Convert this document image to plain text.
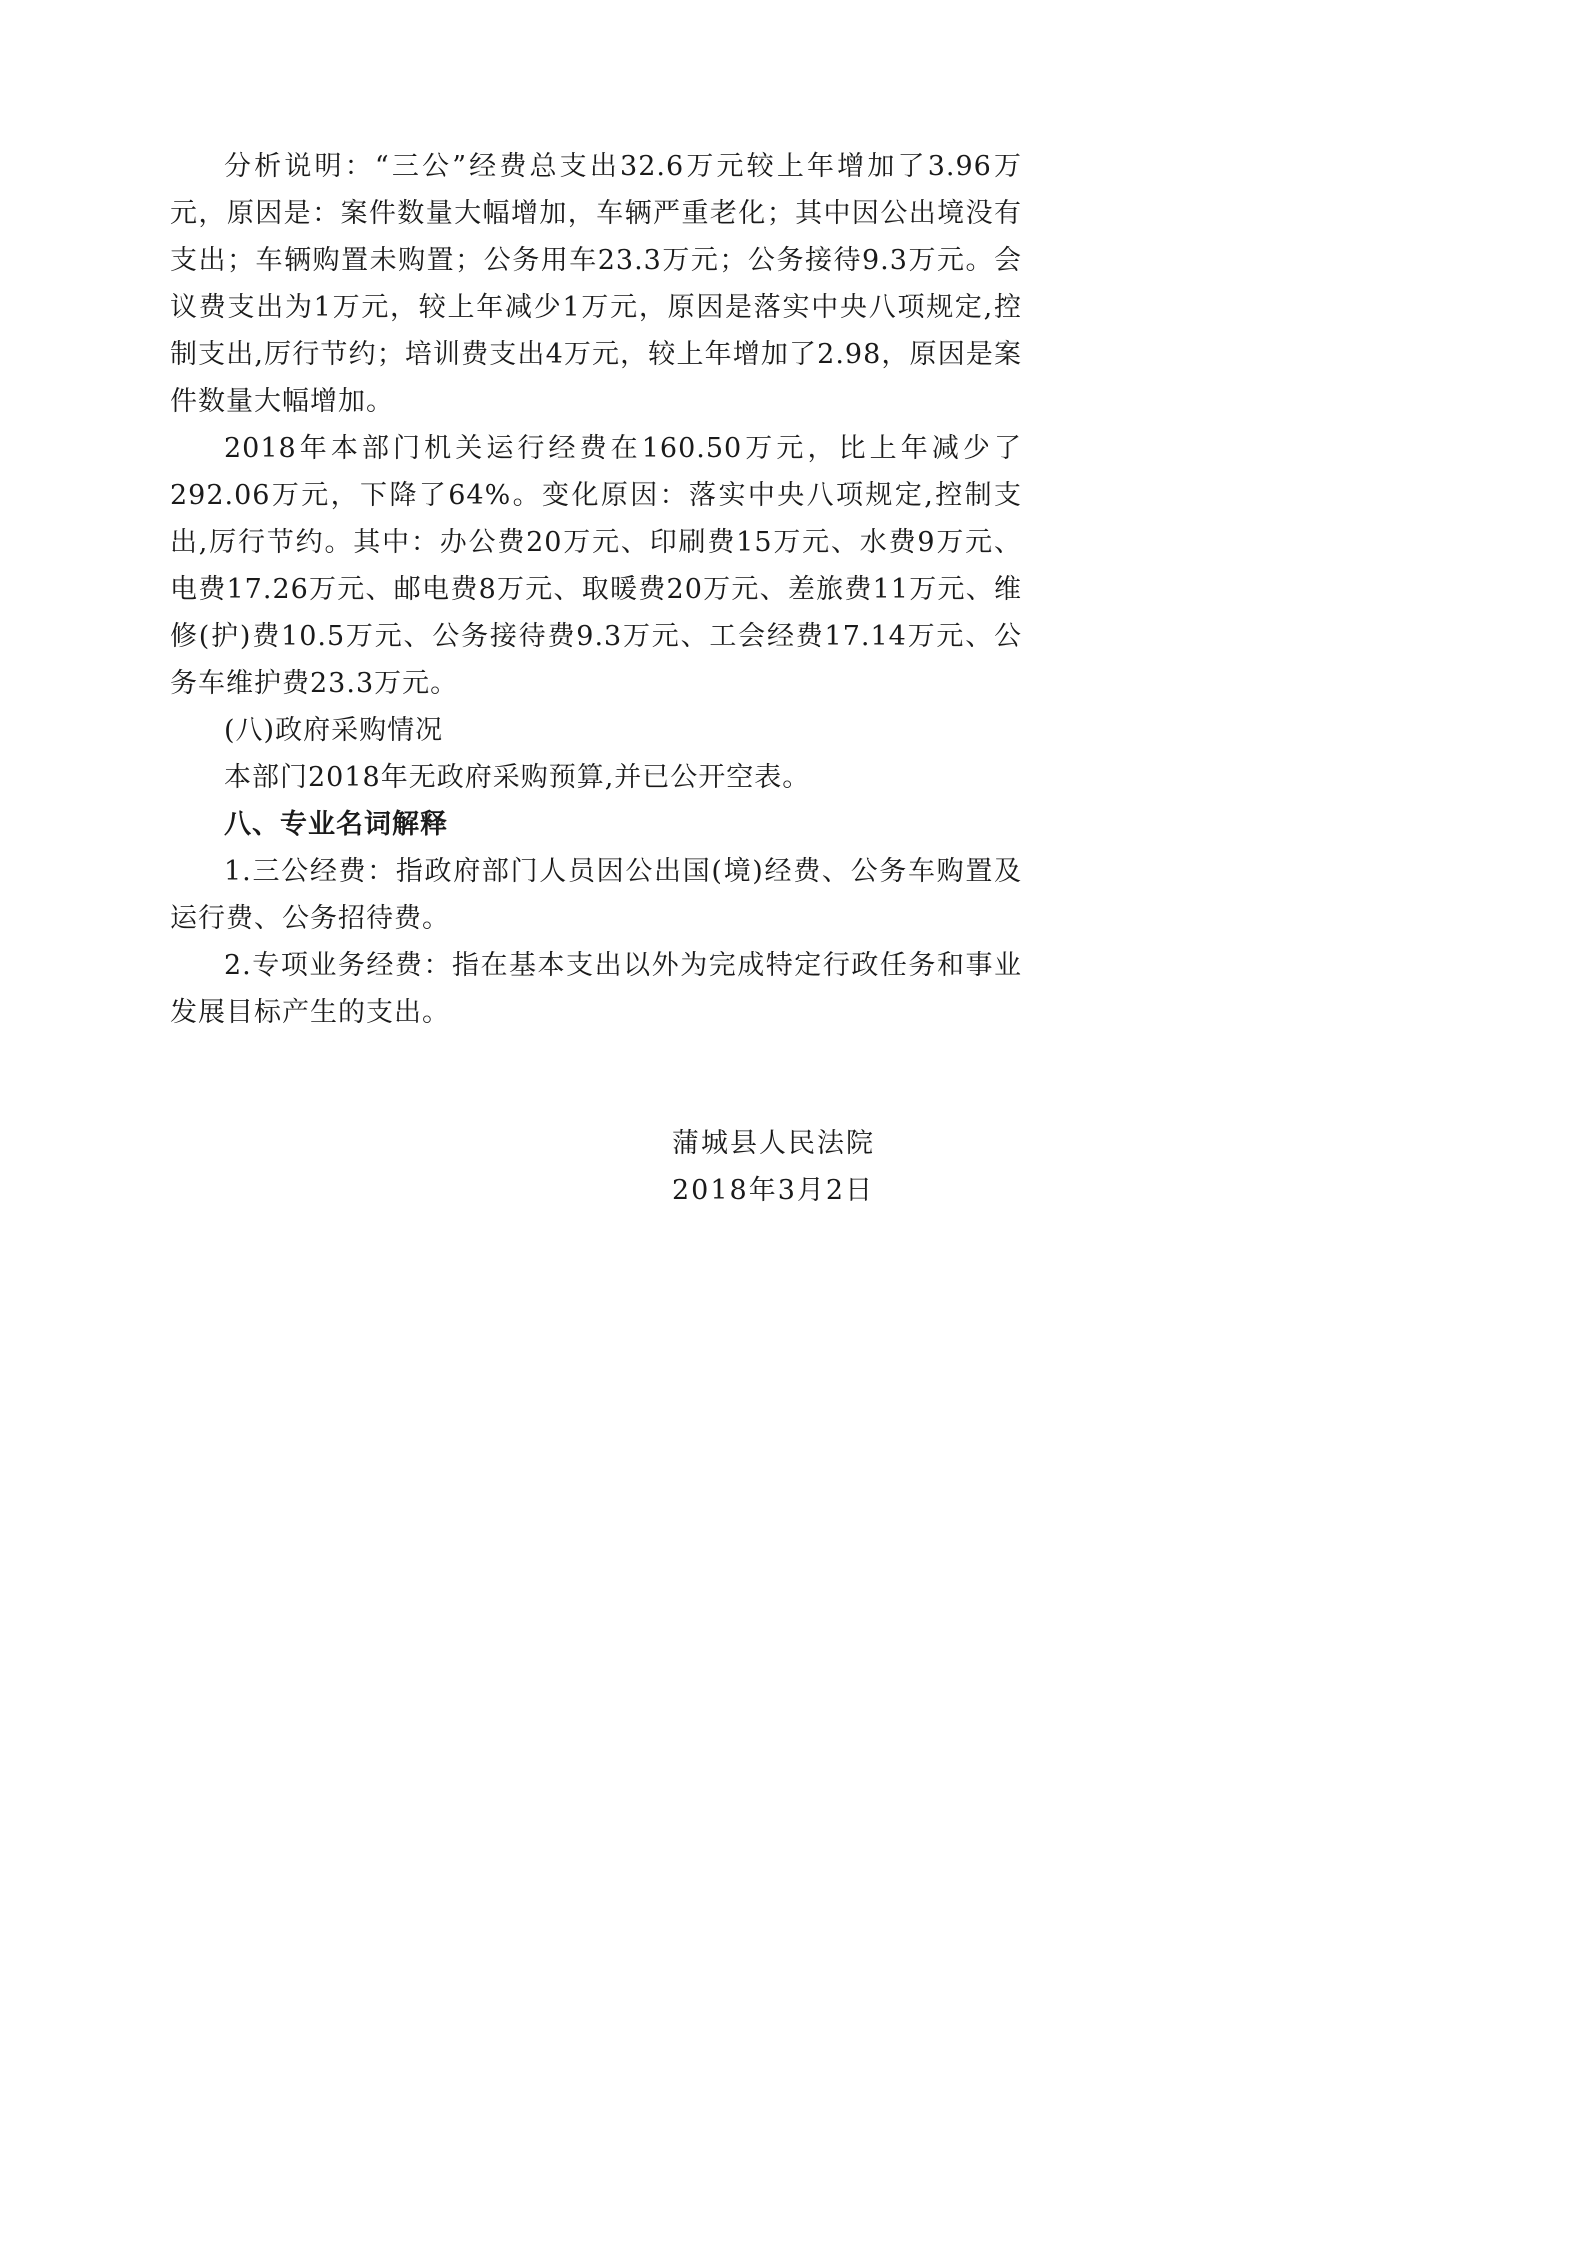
分析说明：“三公”经费总支出32.6万元较上年增加了3.96万元，原因是：案件数量大幅增加，车辆严重老化；其中因公出境没有支出；车辆购置未购置；公务用车23.3万元；公务接待9.3万元。会议费支出为1万元，较上年减少1万元，原因是落实中央八项规定,控制支出,厉行节约；培训费支出4万元，较上年增加了2.98，原因是案件数量大幅增加。

2018年本部门机关运行经费在160.50万元，比上年减少了292.06万元，下降了64%。变化原因：落实中央八项规定,控制支出,厉行节约。其中：办公费20万元、印刷费15万元、水费9万元、电费17.26万元、邮电费8万元、取暖费20万元、差旅费11万元、维修(护)费10.5万元、公务接待费9.3万元、工会经费17.14万元、公务车维护费23.3万元。

(八)政府采购情况

本部门2018年无政府采购预算,并已公开空表。

八、专业名词解释

1.三公经费：指政府部门人员因公出国(境)经费、公务车购置及运行费、公务招待费。

2.专项业务经费：指在基本支出以外为完成特定行政任务和事业发展目标产生的支出。

蒲城县人民法院
2018年3月2日
